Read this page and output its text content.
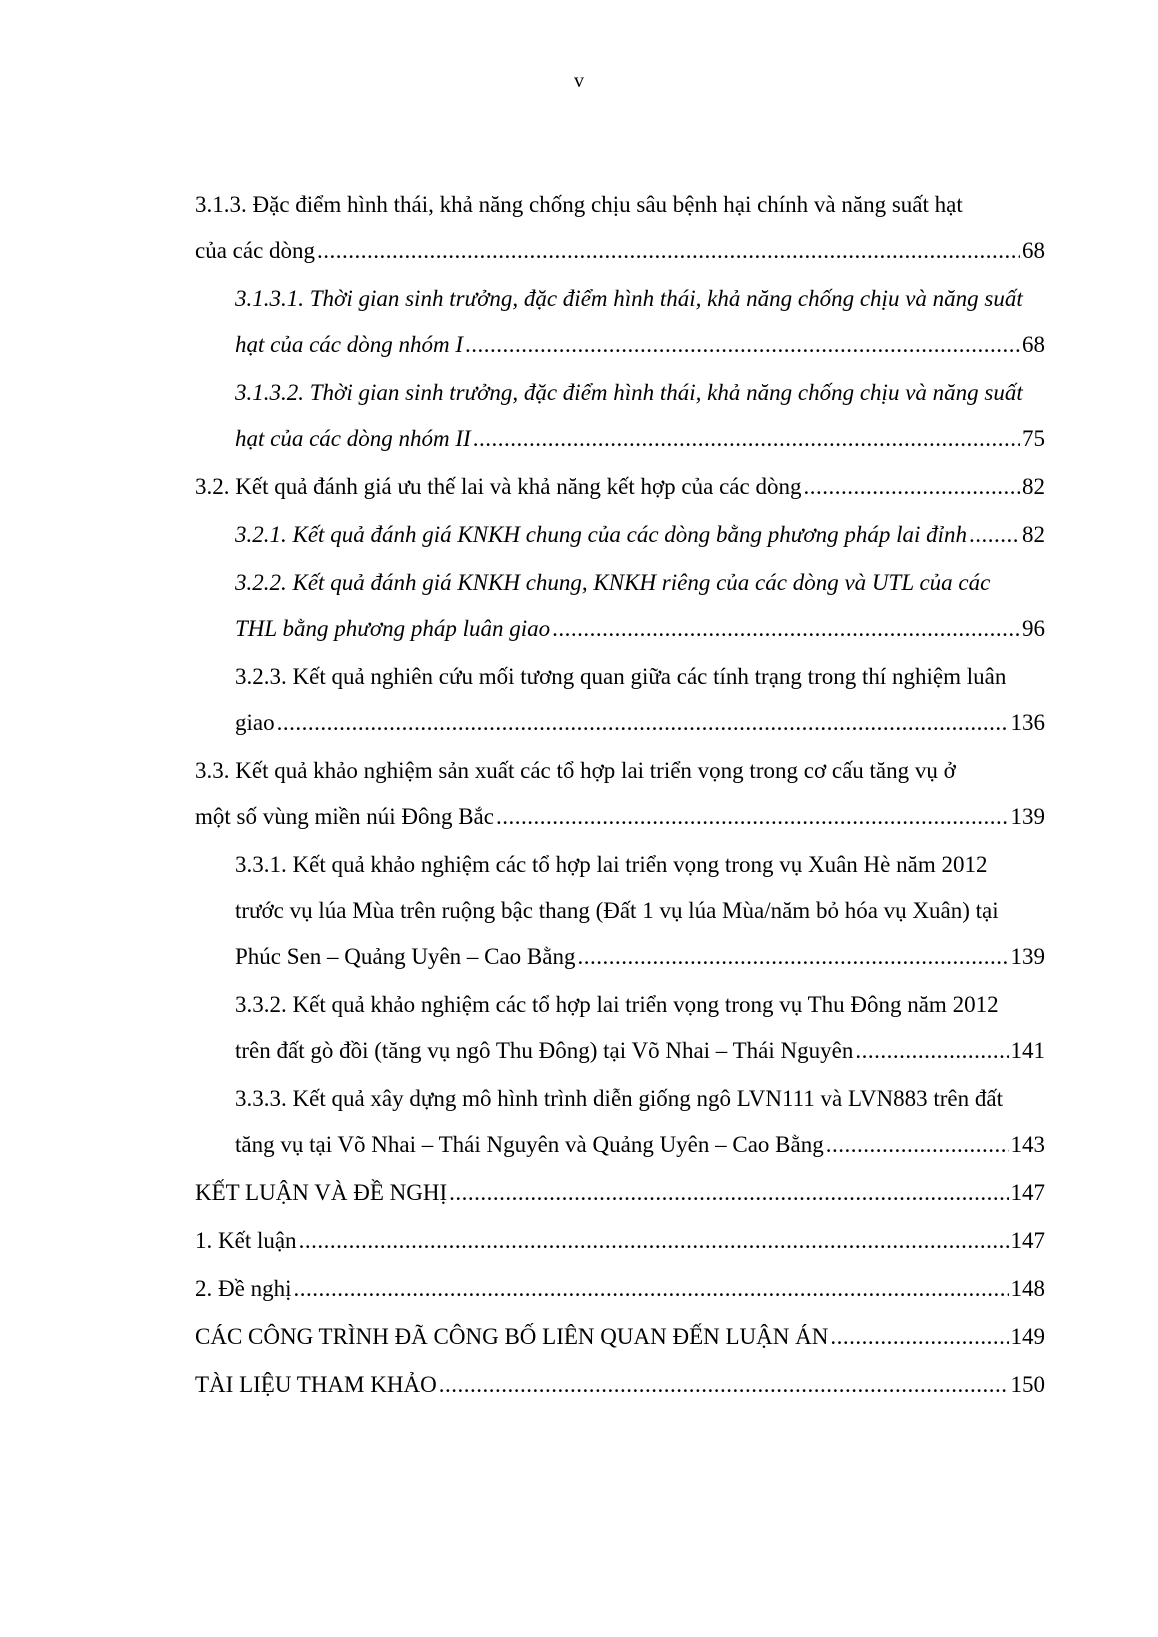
v
3.1.3. Đặc điểm hình thái, khả năng chống chịu sâu bệnh hại chính và năng suất hạt
của các dòng .....	68
3.1.3.1. Thời gian sinh trưởng, đặc điểm hình thái, khả năng chống chịu và năng suất
hạt của các dòng nhóm I .....	68
3.1.3.2. Thời gian sinh trưởng, đặc điểm hình thái, khả năng chống chịu và năng suất
hạt của các dòng nhóm II .....	75
3.2. Kết quả đánh giá ưu thế lai và khả năng kết hợp của các dòng .....	82
3.2.1. Kết quả đánh giá KNKH chung của các dòng bằng phương pháp lai đỉnh ..... 82
3.2.2. Kết quả đánh giá KNKH chung, KNKH riêng của các dòng và UTL của các
THL bằng phương pháp luân giao .....	96
3.2.3. Kết quả nghiên cứu mối tương quan giữa các tính trạng trong thí nghiệm luân
giao .....	136
3.3. Kết quả khảo nghiệm sản xuất các tổ hợp lai triển vọng trong cơ cấu tăng vụ ở
một số vùng miền núi Đông Bắc .....	139
3.3.1. Kết quả khảo nghiệm các tổ hợp lai triển vọng trong vụ Xuân Hè năm 2012
trước vụ lúa Mùa trên ruộng bậc thang (Đất 1 vụ lúa Mùa/năm bỏ hóa vụ Xuân) tại
Phúc Sen – Quảng Uyên – Cao Bằng .....	139
3.3.2. Kết quả khảo nghiệm các tổ hợp lai triển vọng trong vụ Thu Đông năm 2012
trên đất gò đồi (tăng vụ ngô Thu Đông) tại Võ Nhai – Thái Nguyên .....	141
3.3.3. Kết quả xây dựng mô hình trình diễn giống ngô LVN111 và LVN883 trên đất
tăng vụ tại Võ Nhai – Thái Nguyên và Quảng Uyên – Cao Bằng .....	143
KẾT LUẬN VÀ ĐỀ NGHỊ .....	147
1. Kết luận .....	147
2. Đề nghị .....	148
CÁC CÔNG TRÌNH ĐÃ CÔNG BỐ LIÊN QUAN ĐẾN LUẬN ÁN .....	149
TÀI LIỆU THAM KHẢO .....	150
